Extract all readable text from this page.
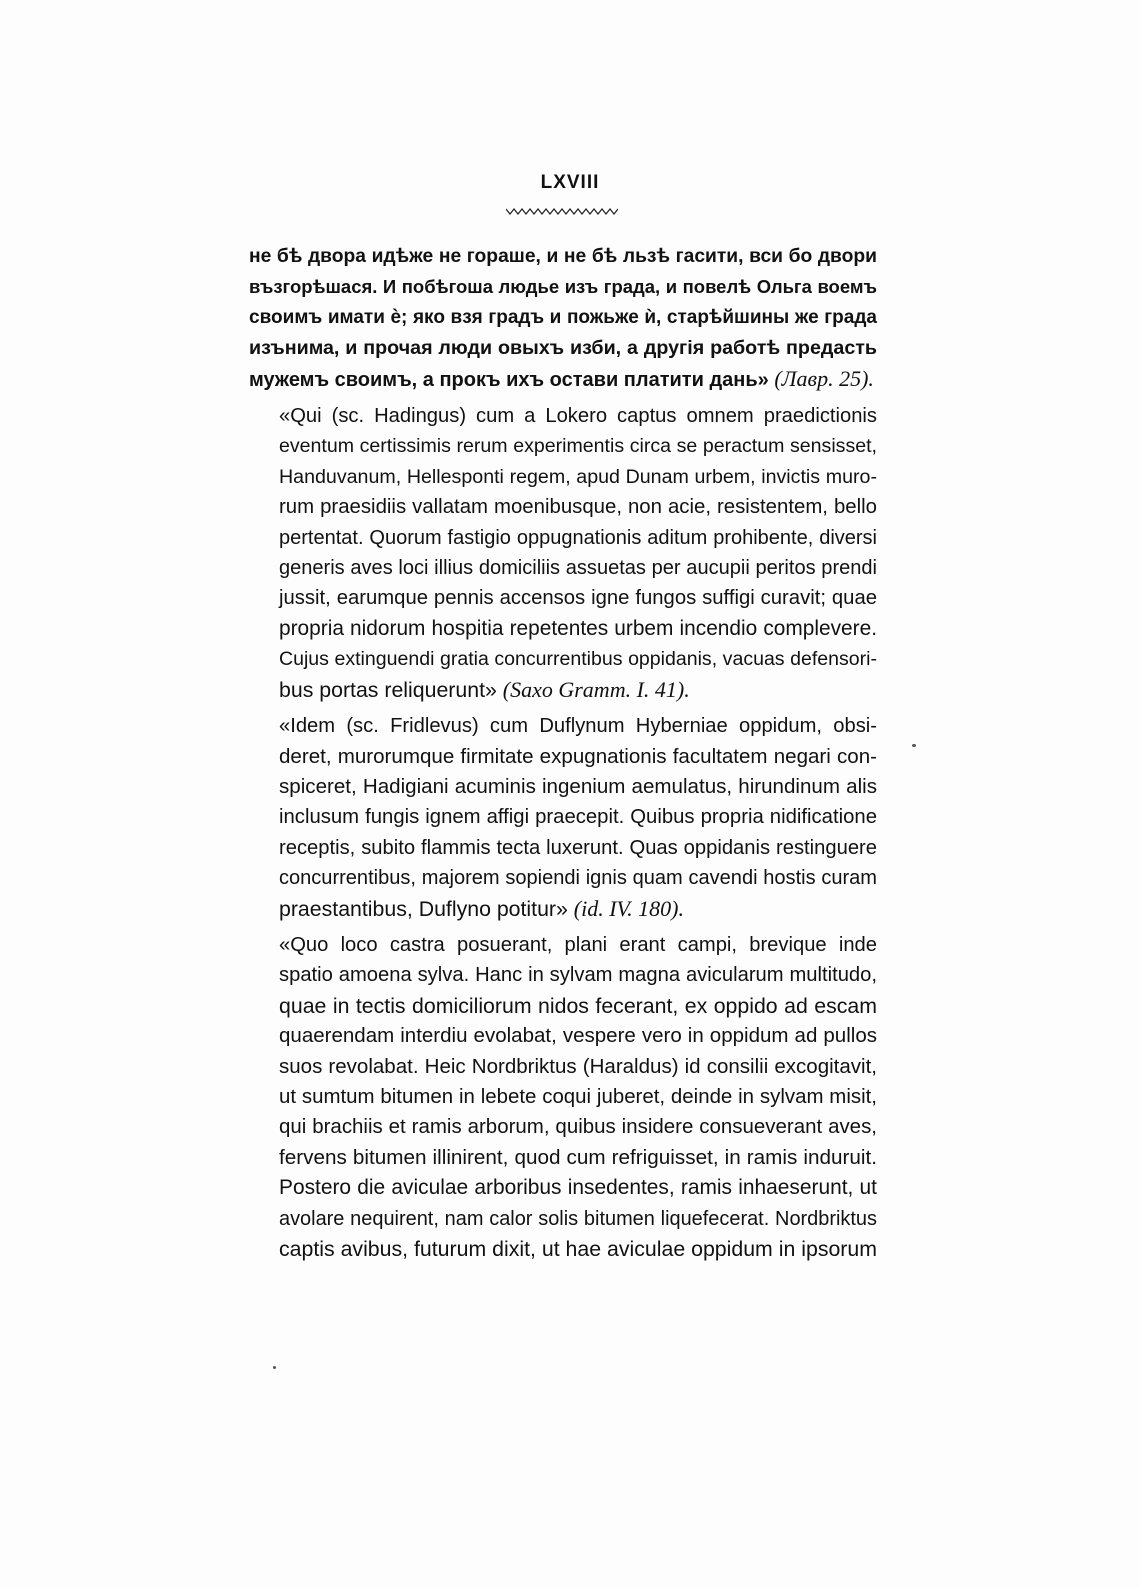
LXVIII
не бѣ двора идѣже не гораше, и не бѣ льзѣ гасити, вси бо двори
възгорѣшася. И побѣгоша людье изъ града, и повелѣ Ольга воемъ
своимъ имати ѐ; яко взя градъ и пожьже ѝ, старѣйшины же града
изънима, и прочая люди овыхъ изби, а другія работѣ предасть
мужемъ своимъ, а прокъ ихъ остави платити дань» (Лавр. 25).
«Qui (sc. Hadingus) cum a Lokero captus omnem praedictionis
eventum certissimis rerum experimentis circa se peractum sensisset,
Handuvanum, Hellesponti regem, apud Dunam urbem, invictis muro-
rum praesidiis vallatam moenibusque, non acie, resistentem, bello
pertentat. Quorum fastigio oppugnationis aditum prohibente, diversi
generis aves loci illius domiciliis assuetas per aucupii peritos prendi
jussit, earumque pennis accensos igne fungos suffigi curavit; quae
propria nidorum hospitia repetentes urbem incendio complevere.
Cujus extinguendi gratia concurrentibus oppidanis, vacuas defensori-
bus portas reliquerunt» (Saxo Gramm. I. 41).
«Idem (sc. Fridlevus) cum Duflynum Hyberniae oppidum, obsi-
deret, murorumque firmitate expugnationis facultatem negari con-
spiceret, Hadigiani acuminis ingenium aemulatus, hirundinum alis
inclusum fungis ignem affigi praecepit. Quibus propria nidificatione
receptis, subito flammis tecta luxerunt. Quas oppidanis restinguere
concurrentibus, majorem sopiendi ignis quam cavendi hostis curam
praestantibus, Duflyno potitur» (id. IV. 180).
«Quo loco castra posuerant, plani erant campi, brevique inde
spatio amoena sylva. Hanc in sylvam magna avicularum multitudo,
quae in tectis domiciliorum nidos fecerant, ex oppido ad escam
quaerendam interdiu evolabat, vespere vero in oppidum ad pullos
suos revolabat. Heic Nordbriktus (Haraldus) id consilii excogitavit,
ut sumtum bitumen in lebete coqui juberet, deinde in sylvam misit,
qui brachiis et ramis arborum, quibus insidere consueverant aves,
fervens bitumen illinirent, quod cum refriguisset, in ramis induruit.
Postero die aviculae arboribus insedentes, ramis inhaeserunt, ut
avolare nequirent, nam calor solis bitumen liquefecerat. Nordbriktus
captis avibus, futurum dixit, ut hae aviculae oppidum in ipsorum
